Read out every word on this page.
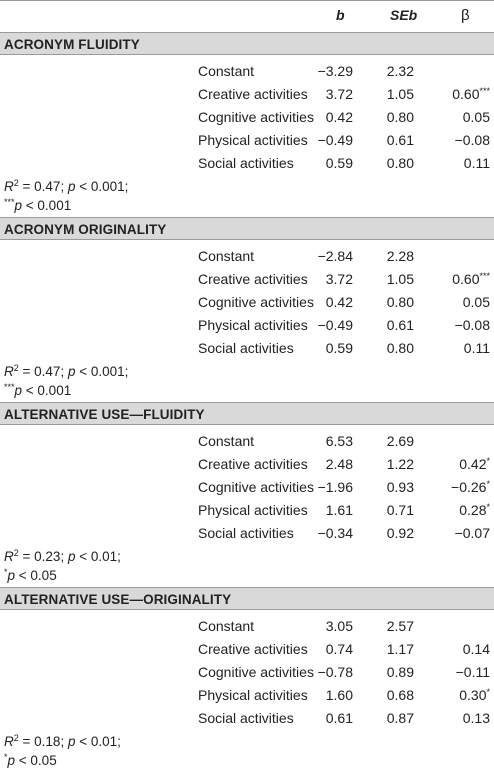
b	SEb	β
ACRONYM FLUIDITY
Constant	−3.29 2.32
Creative activities 3.72 1.05	0.60***
Cognitive activities 0.42 0.80	0.05
Physical activities −0.49 0.61	−0.08
Social activities 0.59 0.80	0.11
$R^2 = 0.47$; p < 0.001;
***p < 0.001
ACRONYM ORIGINALITY
Constant	−2.84 2.28
Creative activities 3.72 1.05	0.60***
Cognitive activities 0.42 0.80	0.05
Physical activities −0.49 0.61	−0.08
Social activities 0.59 0.80	0.11
$R^2 = 0.47$; p < 0.001;
***p < 0.001
ALTERNATIVE USE—FLUIDITY
Constant	6.53 2.69
Creative activities 2.48 1.22	0.42*
Cognitive activities −1.96 0.93	−0.26*
Physical activities 1.61 0.71	0.28*
Social activities −0.34 0.92	−0.07
$R^2 = 0.23$; p < 0.01;
*p < 0.05
ALTERNATIVE USE—ORIGINALITY
Constant	3.05 2.57
Creative activities 0.74 1.17	0.14
Cognitive activities −0.78 0.89	−0.11
Physical activities 1.60 0.68	0.30*
Social activities 0.61 0.87	0.13
$R^2 = 0.18$; p < 0.01;
*p < 0.05
